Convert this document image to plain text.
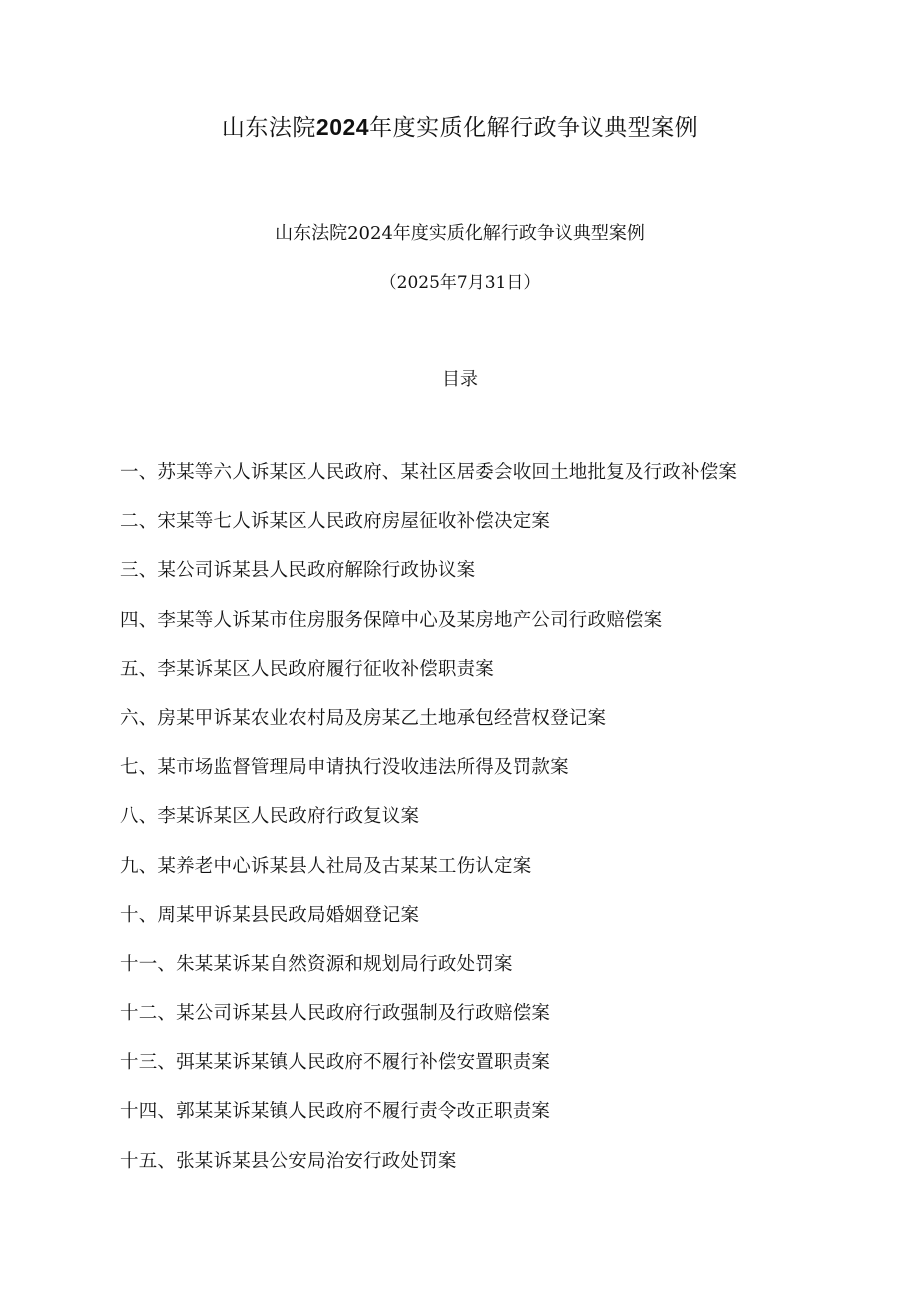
山东法院2024年度实质化解行政争议典型案例
山东法院2024年度实质化解行政争议典型案例
（2025年7月31日）
目录
一、苏某等六人诉某区人民政府、某社区居委会收回土地批复及行政补偿案
二、宋某等七人诉某区人民政府房屋征收补偿决定案
三、某公司诉某县人民政府解除行政协议案
四、李某等人诉某市住房服务保障中心及某房地产公司行政赔偿案
五、李某诉某区人民政府履行征收补偿职责案
六、房某甲诉某农业农村局及房某乙土地承包经营权登记案
七、某市场监督管理局申请执行没收违法所得及罚款案
八、李某诉某区人民政府行政复议案
九、某养老中心诉某县人社局及古某某工伤认定案
十、周某甲诉某县民政局婚姻登记案
十一、朱某某诉某自然资源和规划局行政处罚案
十二、某公司诉某县人民政府行政强制及行政赔偿案
十三、弭某某诉某镇人民政府不履行补偿安置职责案
十四、郭某某诉某镇人民政府不履行责令改正职责案
十五、张某诉某县公安局治安行政处罚案
